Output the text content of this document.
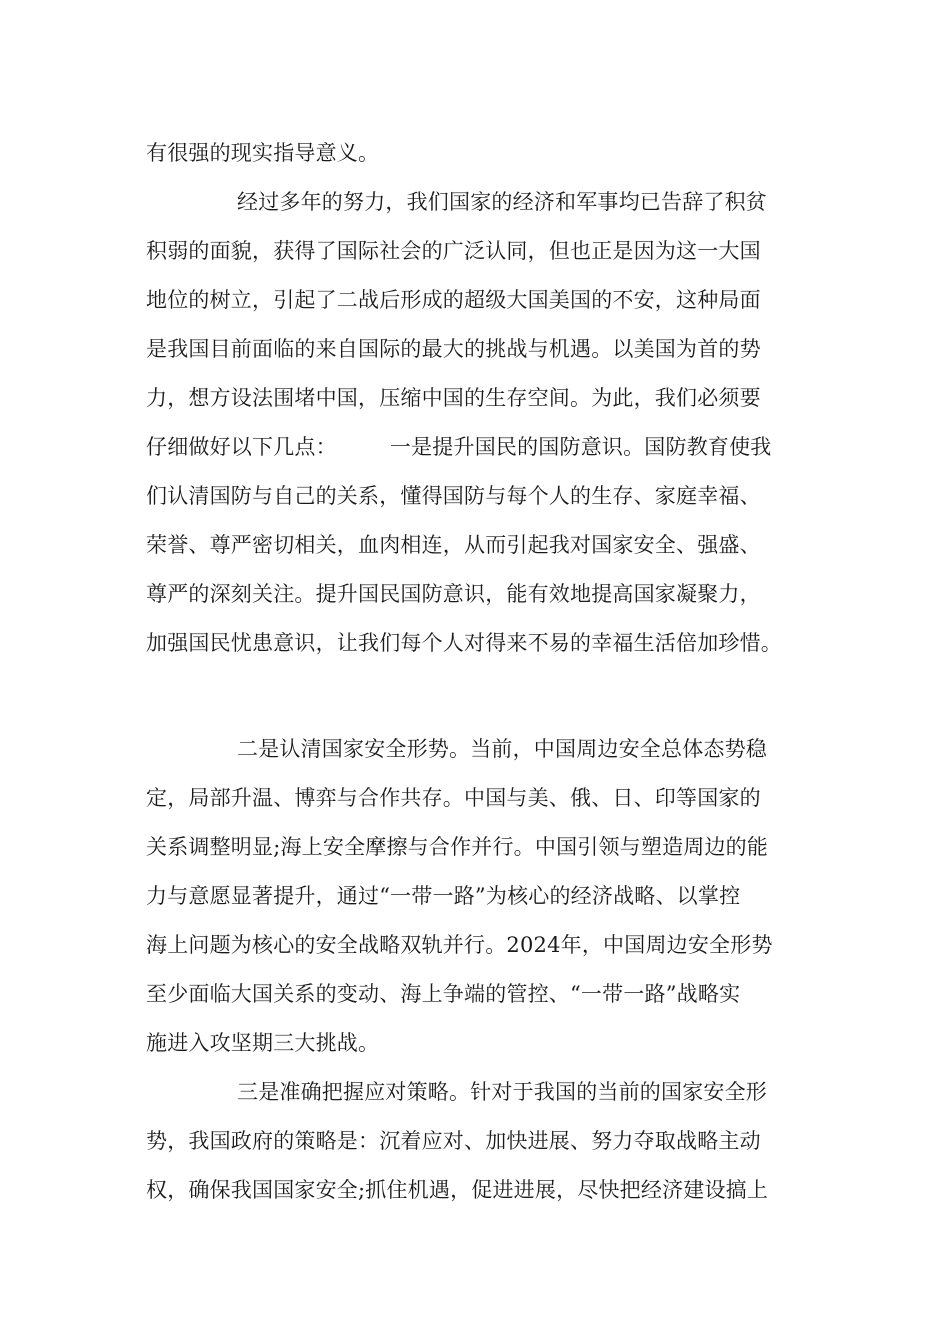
有很强的现实指导意义。
经过多年的努力，我们国家的经济和军事均已告辞了积贫
积弱的面貌，获得了国际社会的广泛认同，但也正是因为这一大国
地位的树立，引起了二战后形成的超级大国美国的不安，这种局面
是我国目前面临的来自国际的最大的挑战与机遇。以美国为首的势
力，想方设法围堵中国，压缩中国的生存空间。为此，我们必须要
仔细做好以下几点：　　　一是提升国民的国防意识。国防教育使我
们认清国防与自己的关系，懂得国防与每个人的生存、家庭幸福、
荣誉、尊严密切相关，血肉相连，从而引起我对国家安全、强盛、
尊严的深刻关注。提升国民国防意识，能有效地提高国家凝聚力，
加强国民忧患意识，让我们每个人对得来不易的幸福生活倍加珍惜。
二是认清国家安全形势。当前，中国周边安全总体态势稳
定，局部升温、博弈与合作共存。中国与美、俄、日、印等国家的
关系调整明显;海上安全摩擦与合作并行。中国引领与塑造周边的能
力与意愿显著提升，通过“一带一路”为核心的经济战略、以掌控
海上问题为核心的安全战略双轨并行。2024年，中国周边安全形势
至少面临大国关系的变动、海上争端的管控、“一带一路”战略实
施进入攻坚期三大挑战。
三是准确把握应对策略。针对于我国的当前的国家安全形
势，我国政府的策略是：沉着应对、加快进展、努力夺取战略主动
权，确保我国国家安全;抓住机遇，促进进展，尽快把经济建设搞上
